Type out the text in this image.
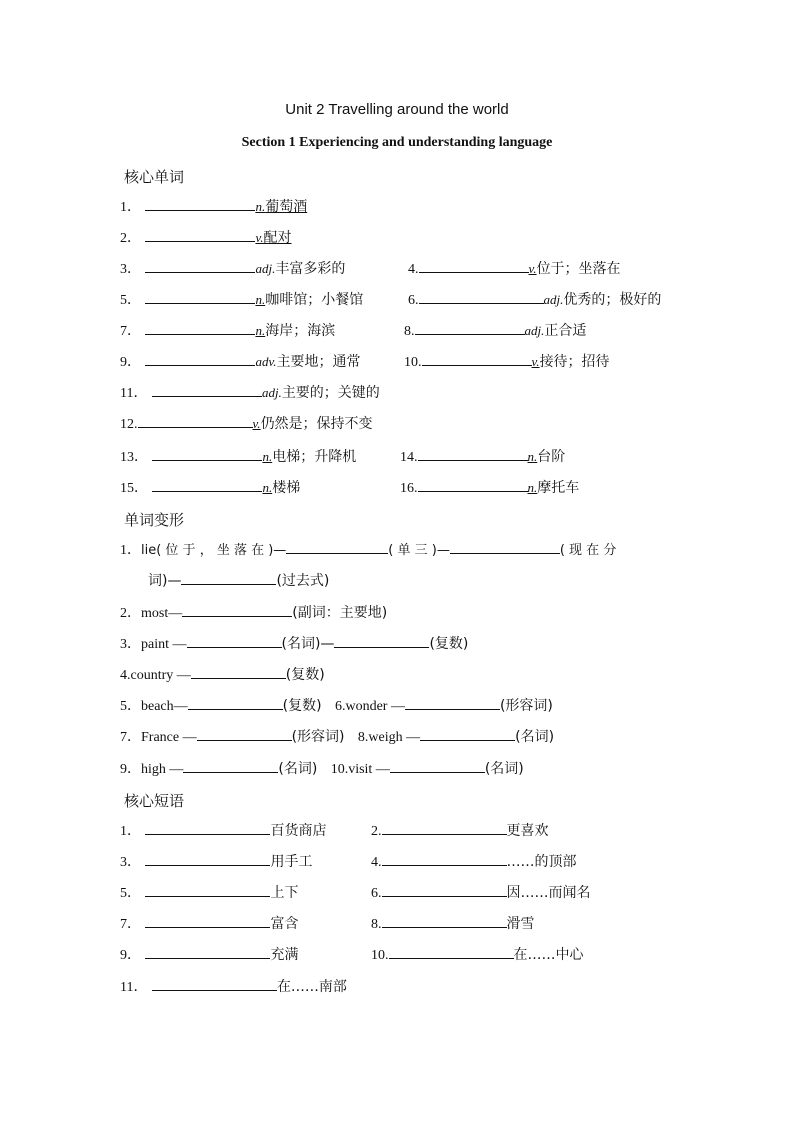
Unit 2 Travelling around the world
Section 1 Experiencing and understanding language
核心单词
1．	n.葡萄酒
2．	v.配对
3．	adj.丰富多彩的	4.	v.位于；坐落在
5．	n.咖啡馆；小餐馆	6.	adj.优秀的；极好的
7．	n.海岸；海滨	8.	adj.正合适
9．	adv.主要地；通常	10.	v.接待；招待
11．	adj.主要的；关键的
12.	v.仍然是；保持不变
13．	n.电梯；升降机	14.	n.台阶
15．	n.楼梯	16.	n.摩托车
单词变形
1．lie( 位 于 ， 坐 落 在 )—	( 单 三 )—	( 现 在 分
词)—	(过去式)
2．most—	(副词：主要地)
3．paint —	(名词)—	(复数)
4.country —	(复数)
5．beach—	(复数) 6.wonder —	(形容词)
7．France —	(形容词) 8.weigh —	(名词)
9．high —	(名词) 10.visit —	(名词)
核心短语
1．	百货商店	2.	更喜欢
3．	用手工	4.	……的顶部
5．	上下	6.	因……而闻名
7．	富含	8.	滑雪
9．	充满	10.	在……中心
11．	在……南部
